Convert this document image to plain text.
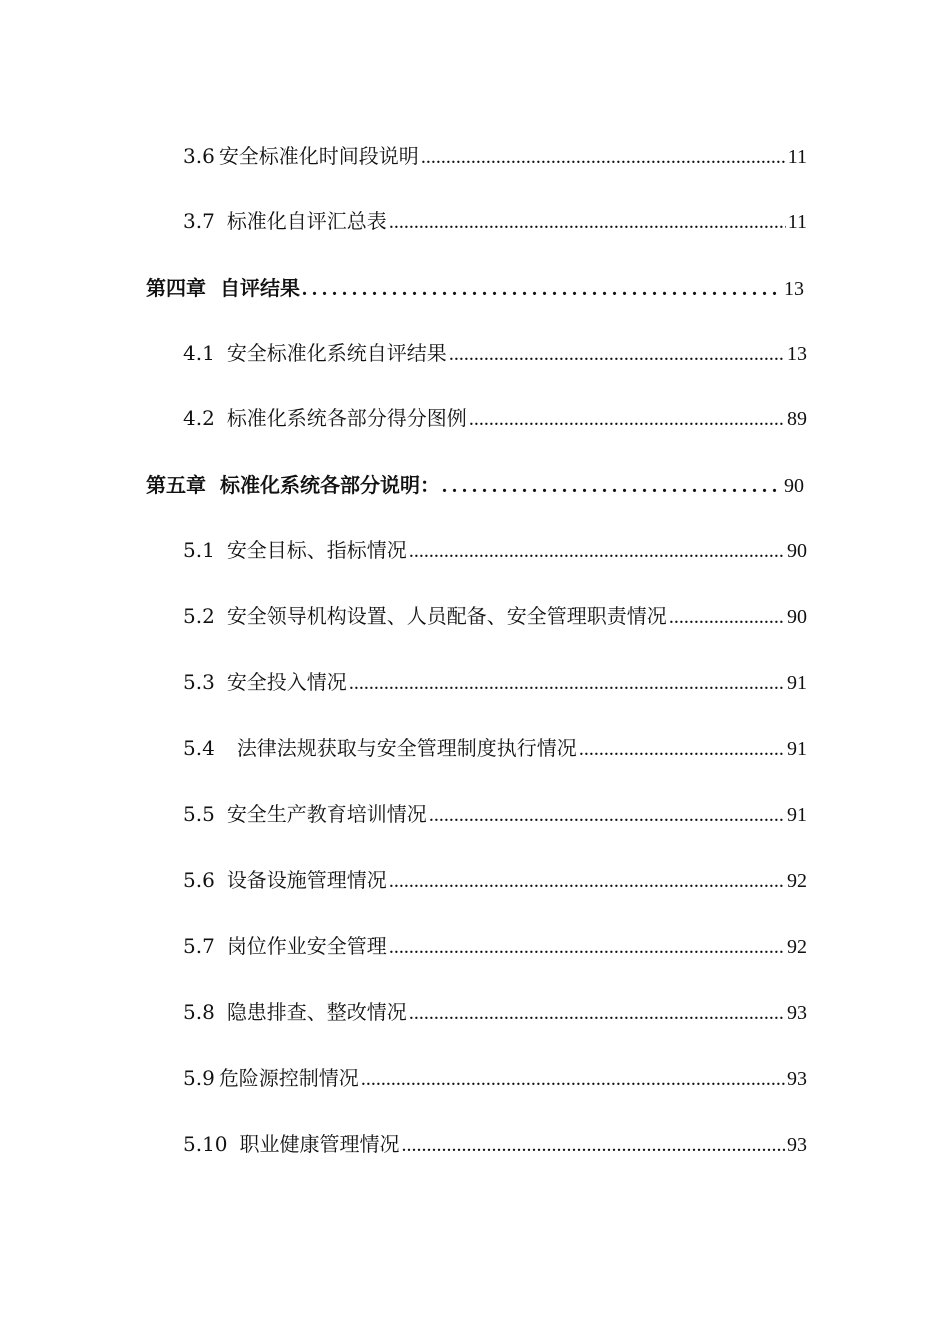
3.6 安全标准化时间段说明 .....	11
3.7 标准化自评汇总表 .....	11
第四章 自评结果 . . .	13
4.1 安全标准化系统自评结果 .....	13
4.2 标准化系统各部分得分图例 .....	89
第五章 标准化系统各部分说明： . . .	90
5.1 安全目标、指标情况 .....	90
5.2 安全领导机构设置、人员配备、安全管理职责情况 .....	90
5.3 安全投入情况 .....	91
5.4 法律法规获取与安全管理制度执行情况 .....	91
5.5 安全生产教育培训情况 .....	91
5.6 设备设施管理情况 .....	92
5.7 岗位作业安全管理 .....	92
5.8 隐患排查、整改情况 .....	93
5.9 危险源控制情况 .....	93
5.10 职业健康管理情况 .....	93
